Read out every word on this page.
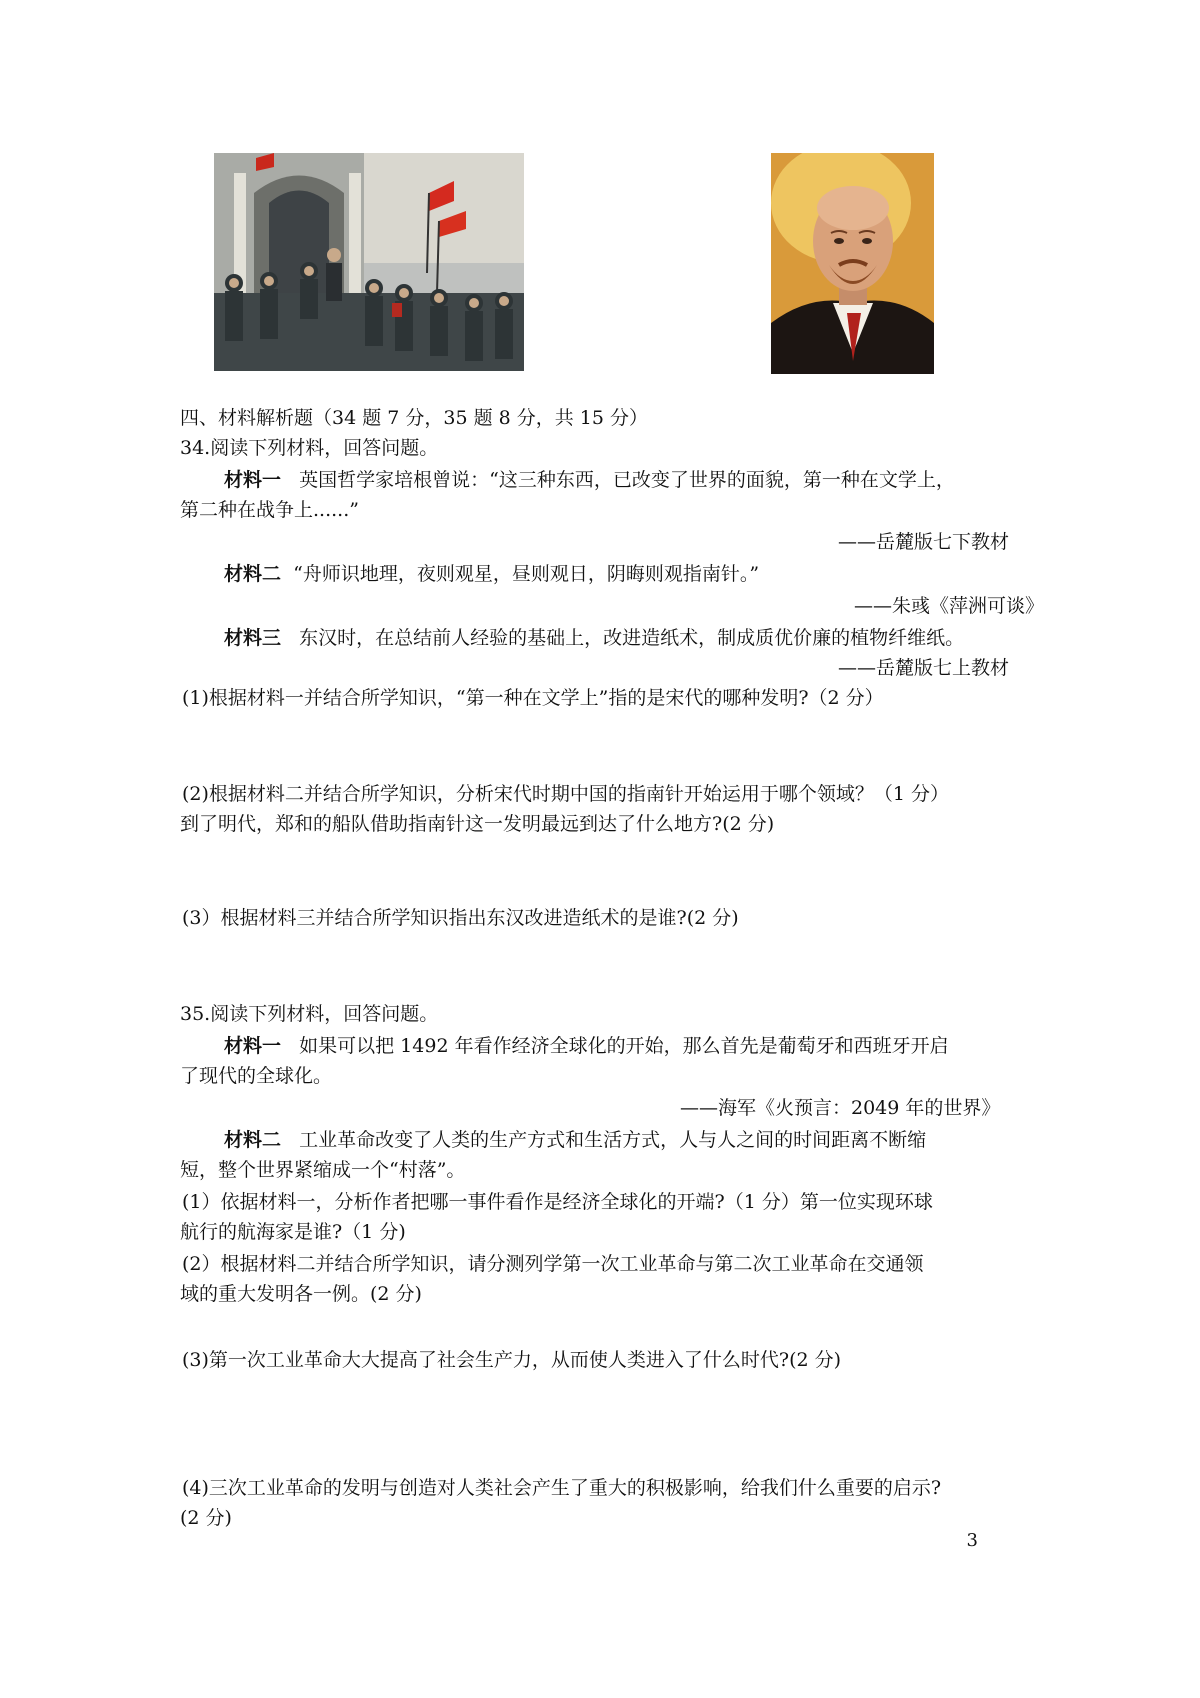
四、材料解析题（34 题 7 分，35 题 8 分，共 15 分）
34.阅读下列材料，回答问题。
材料一 英国哲学家培根曾说：“这三种东西，已改变了世界的面貌，第一种在文学上，
第二种在战争上......”
——岳麓版七下教材
材料二 “舟师识地理，夜则观星，昼则观日，阴晦则观指南针。”
——朱彧《萍洲可谈》
材料三 东汉时，在总结前人经验的基础上，改进造纸术，制成质优价廉的植物纤维纸。
——岳麓版七上教材
(1)根据材料一并结合所学知识，“第一种在文学上”指的是宋代的哪种发明?（2 分）
(2)根据材料二并结合所学知识，分析宋代时期中国的指南针开始运用于哪个领域？（1 分）
到了明代，郑和的船队借助指南针这一发明最远到达了什么地方?(2 分)
(3）根据材料三并结合所学知识指出东汉改进造纸术的是谁?(2 分)
35.阅读下列材料，回答问题。
材料一 如果可以把 1492 年看作经济全球化的开始，那么首先是葡萄牙和西班牙开启
了现代的全球化。
——海军《火预言：2049 年的世界》
材料二 工业革命改变了人类的生产方式和生活方式，人与人之间的时间距离不断缩
短，整个世界紧缩成一个“村落”。
(1）依据材料一，分析作者把哪一事件看作是经济全球化的开端?（1 分）第一位实现环球
航行的航海家是谁?（1 分)
(2）根据材料二并结合所学知识，请分测列学第一次工业革命与第二次工业革命在交通领
域的重大发明各一例。(2 分)
(3)第一次工业革命大大提高了社会生产力，从而使人类进入了什么时代?(2 分)
(4)三次工业革命的发明与创造对人类社会产生了重大的积极影响，给我们什么重要的启示?
(2 分)
3
